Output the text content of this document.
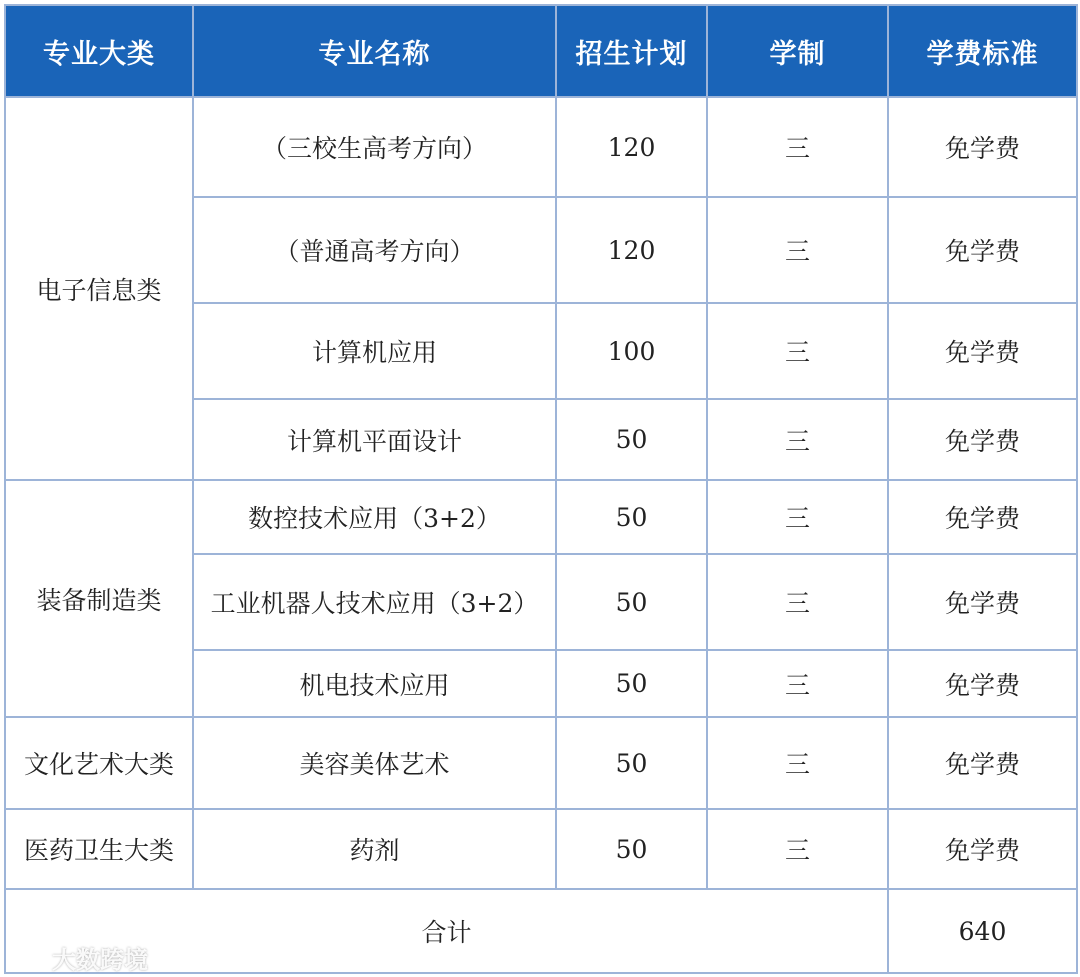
专业大类	专业名称	招生计划	学制	学费标准
电子信息类	（三校生高考方向）	120	三	免学费
	（普通高考方向）	120	三	免学费
	计算机应用	100	三	免学费
	计算机平面设计	50	三	免学费
装备制造类	数控技术应用（3+2）	50	三	免学费
	工业机器人技术应用（3+2）	50	三	免学费
	机电技术应用	50	三	免学费
文化艺术大类	美容美体艺术	50	三	免学费
医药卫生大类	药剂	50	三	免学费
合计				640
大数跨境
